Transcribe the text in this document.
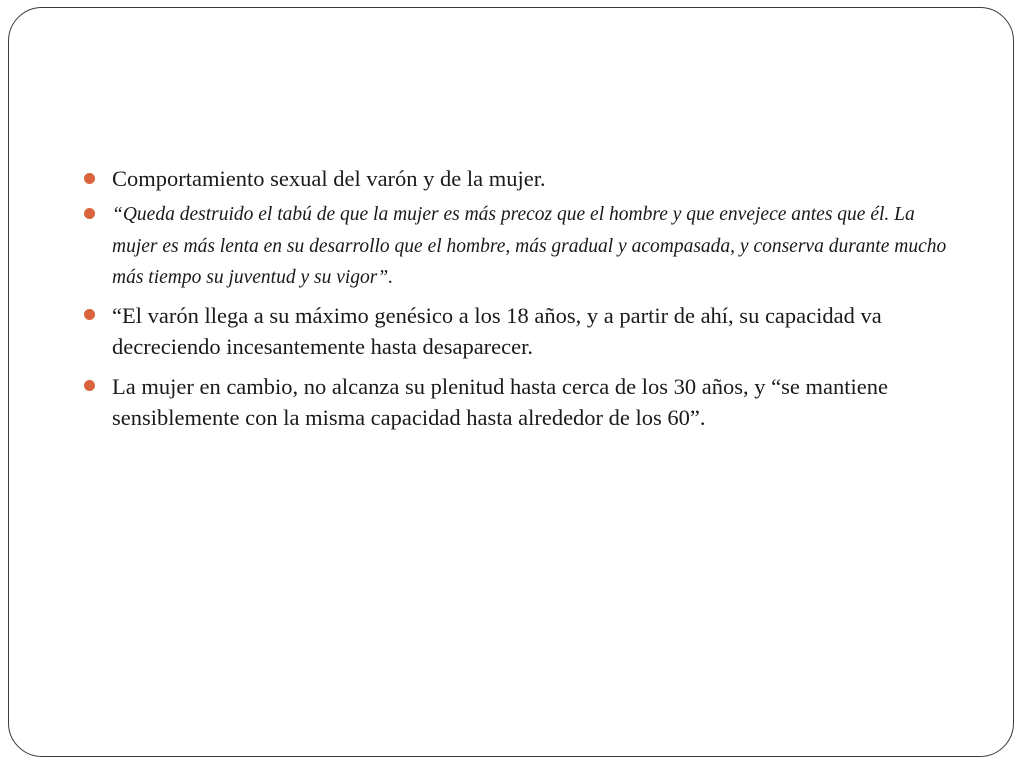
Comportamiento sexual del varón y de la mujer.
“Queda destruido el tabú de que la mujer es más precoz que el hombre y que envejece antes que él. La mujer es más lenta en su desarrollo que el hombre, más gradual y acompasada, y conserva durante mucho más tiempo su juventud y su vigor”.
“El varón llega a su máximo genésico a los 18 años, y a partir de ahí, su capacidad va decreciendo incesantemente hasta desaparecer.
La mujer en cambio, no alcanza su plenitud hasta cerca de los 30 años, y “se mantiene sensiblemente con la misma capacidad hasta alrededor de los 60”.
